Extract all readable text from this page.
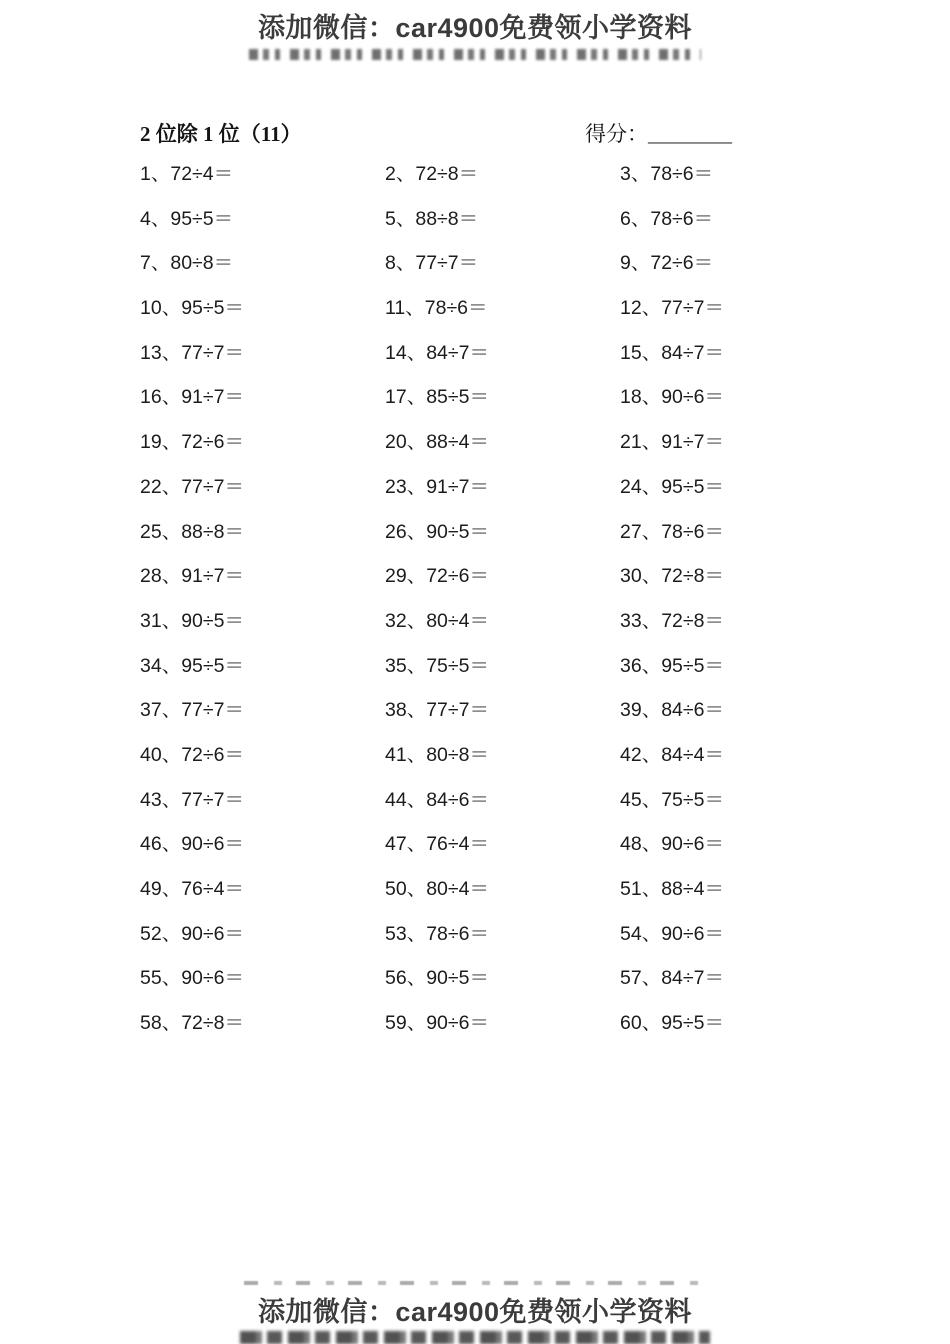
添加微信：car4900免费领小学资料
2 位除 1 位（11）	得分：________
1、72÷4＝	2、72÷8＝	3、78÷6＝
4、95÷5＝	5、88÷8＝	6、78÷6＝
7、80÷8＝	8、77÷7＝	9、72÷6＝
10、95÷5＝	11、78÷6＝	12、77÷7＝
13、77÷7＝	14、84÷7＝	15、84÷7＝
16、91÷7＝	17、85÷5＝	18、90÷6＝
19、72÷6＝	20、88÷4＝	21、91÷7＝
22、77÷7＝	23、91÷7＝	24、95÷5＝
25、88÷8＝	26、90÷5＝	27、78÷6＝
28、91÷7＝	29、72÷6＝	30、72÷8＝
31、90÷5＝	32、80÷4＝	33、72÷8＝
34、95÷5＝	35、75÷5＝	36、95÷5＝
37、77÷7＝	38、77÷7＝	39、84÷6＝
40、72÷6＝	41、80÷8＝	42、84÷4＝
43、77÷7＝	44、84÷6＝	45、75÷5＝
46、90÷6＝	47、76÷4＝	48、90÷6＝
49、76÷4＝	50、80÷4＝	51、88÷4＝
52、90÷6＝	53、78÷6＝	54、90÷6＝
55、90÷6＝	56、90÷5＝	57、84÷7＝
58、72÷8＝	59、90÷6＝	60、95÷5＝
添加微信：car4900免费领小学资料
